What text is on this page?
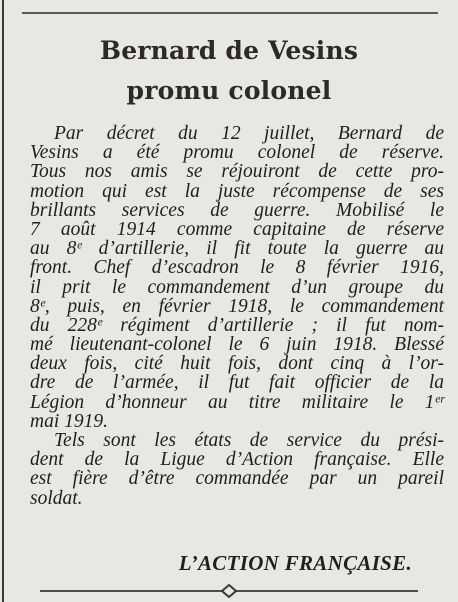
Bernard de Vesins
promu colonel
Par décret du 12 juillet, Bernard de
Vesins a été promu colonel de réserve.
Tous nos amis se réjouiront de cette pro-
motion qui est la juste récompense de ses
brillants services de guerre. Mobilisé le
7 août 1914 comme capitaine de réserve
au 8ᵉ d’artillerie, il fit toute la guerre au
front. Chef d’escadron le 8 février 1916,
il prit le commandement d’un groupe du
8ᵉ, puis, en février 1918, le commandement
du 228ᵉ régiment d’artillerie ; il fut nom-
mé lieutenant-colonel le 6 juin 1918. Blessé
deux fois, cité huit fois, dont cinq à l’or-
dre de l’armée, il fut fait officier de la
Légion d’honneur au titre militaire le 1ᵉʳ
mai 1919.
Tels sont les états de service du prési-
dent de la Ligue d’Action française. Elle
est fière d’être commandée par un pareil
soldat.
L’ACTION FRANÇAISE.
